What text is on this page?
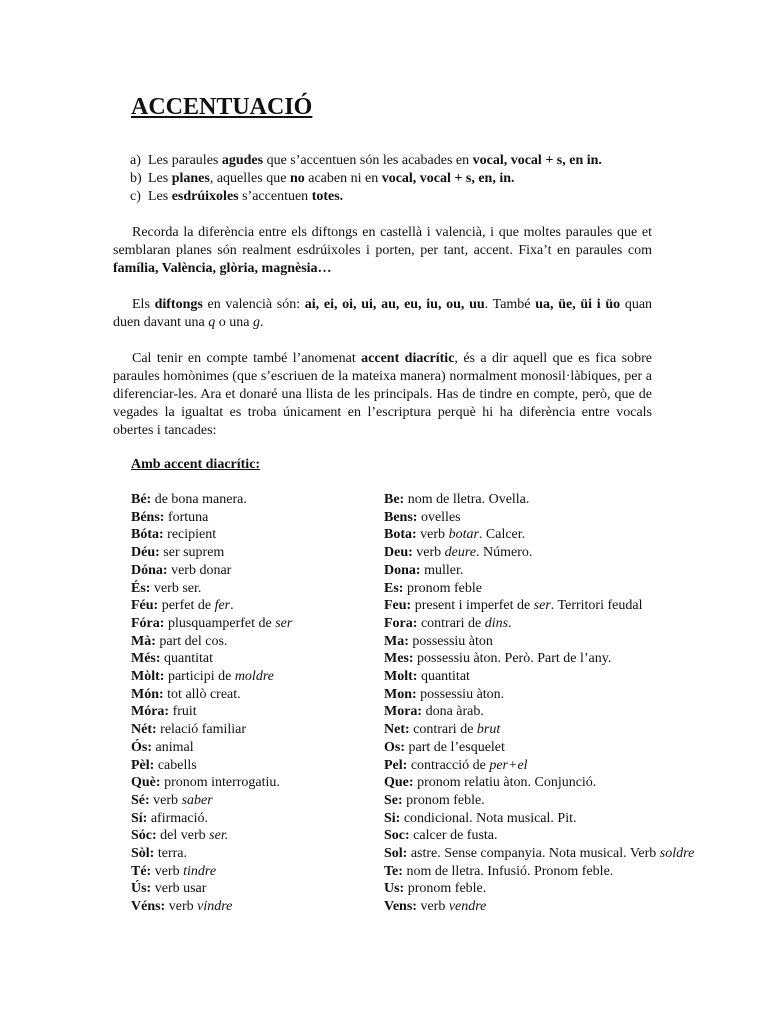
ACCENTUACIÓ
a) Les paraules agudes que s’accentuen són les acabades en vocal, vocal + s, en in.
b) Les planes, aquelles que no acaben ni en vocal, vocal + s, en, in.
c) Les esdrúixoles s’accentuen totes.

Recorda la diferència entre els diftongs en castellà i valencià, i que moltes paraules que et semblaran planes són realment esdrúixoles i porten, per tant, accent. Fixa’t en paraules com família, València, glòria, magnèsia…

Els diftongs en valencià són: ai, ei, oi, ui, au, eu, iu, ou, uu. També ua, üe, üi i üo quan duen davant una q o una g.

Cal tenir en compte també l’anomenat accent diacrític, és a dir aquell que es fica sobre paraules homònimes (que s’escriuen de la mateixa manera) normalment monosil·làbiques, per a diferenciar-les. Ara et donaré una llista de les principals. Has de tindre en compte, però, que de vegades la igualtat es troba únicament en l’escriptura perquè hi ha diferència entre vocals obertes i tancades:

Amb accent diacrític:
Bé: de bona manera.
Béns: fortuna
Bóta: recipient
Déu: ser suprem
Dóna: verb donar
És: verb ser.
Féu: perfet de fer.
Fóra: plusquamperfet de ser
Mà: part del cos.
Més: quantitat
Mòlt: participi de moldre
Món: tot allò creat.
Móra: fruit
Nét: relació familiar
Ós: animal
Pèl: cabells
Què: pronom interrogatiu.
Sé: verb saber
Sí: afirmació.
Sóc: del verb ser.
Sòl: terra.
Té: verb tindre
Ús: verb usar
Véns: verb vindre
Be: nom de lletra. Ovella.
Bens: ovelles
Bota: verb botar. Calcer.
Deu: verb deure. Número.
Dona: muller.
Es: pronom feble
Feu: present i imperfet de ser. Territori feudal
Fora: contrari de dins.
Ma: possessiu àton
Mes: possessiu àton. Però. Part de l’any.
Molt: quantitat
Mon: possessiu àton.
Mora: dona àrab.
Net: contrari de brut
Os: part de l’esquelet
Pel: contracció de per+el
Que: pronom relatiu àton. Conjunció.
Se: pronom feble.
Si: condicional. Nota musical. Pit.
Soc: calcer de fusta.
Sol: astre. Sense companyia. Nota musical. Verb soldre
Te: nom de lletra. Infusió. Pronom feble.
Us: pronom feble.
Vens: verb vendre
